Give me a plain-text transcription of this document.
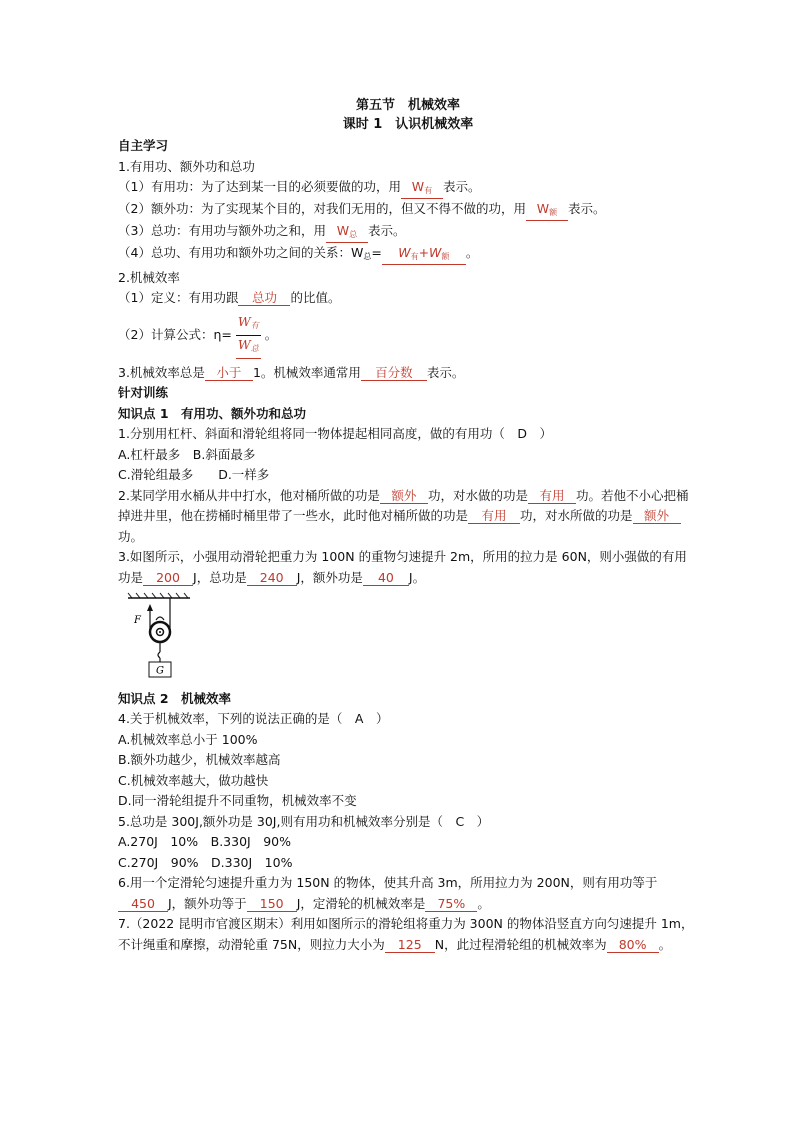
第五节　机械效率
课时 1　认识机械效率
自主学习
1.有用功、额外功和总功
（1）有用功：为了达到某一目的必须要做的功，用 $W_有$ 表示。
（2）额外功：为了实现某个目的，对我们无用的，但又不得不做的功，用 $W_额$ 表示。
（3）总功：有用功与额外功之和，用 $W_总$ 表示。
（4）总功、有用功和额外功之间的关系：$W_总= W_有+W_额$ 。
2.机械效率
（1）定义：有用功跟 总功 的比值。
（2）计算公式：$\eta= \frac{W_有}{W_总}$ 。
3.机械效率总是 小于 1。机械效率通常用 百分数 表示。
针对训练
知识点 1　有用功、额外功和总功
1.分别用杠杆、斜面和滑轮组将同一物体提起相同高度，做的有用功（　D　）
A.杠杆最多　B.斜面最多
C.滑轮组最多　　D.一样多
2.某同学用水桶从井中打水，他对桶所做的功是 额外 功，对水做的功是 有用 功。若他不小心把桶掉进井里，他在捞桶时桶里带了一些水，此时他对桶所做的功是 有用 功，对水所做的功是 额外功。
3.如图所示，小强用动滑轮把重力为 100N 的重物匀速提升 2m，所用的拉力是 60N，则小强做的有用功是 200 J，总功是 240 J，额外功是 40 J。
G
F
知识点 2　机械效率
4.关于机械效率，下列的说法正确的是（　A　）
A.机械效率总小于 100%
B.额外功越少，机械效率越高
C.机械效率越大，做功越快
D.同一滑轮组提升不同重物，机械效率不变
5.总功是 300J,额外功是 30J,则有用功和机械效率分别是（　C　）
A.270J　10%　B.330J　90%
C.270J　90%　D.330J　10%
6.用一个定滑轮匀速提升重力为 150N 的物体，使其升高 3m，所用拉力为 200N，则有用功等于450 J，额外功等于 150 J，定滑轮的机械效率是 75% 。
7.（2022 昆明市官渡区期末）利用如图所示的滑轮组将重力为 300N 的物体沿竖直方向匀速提升 1m，不计绳重和摩擦，动滑轮重 75N，则拉力大小为 125 N，此过程滑轮组的机械效率为 80% 。
